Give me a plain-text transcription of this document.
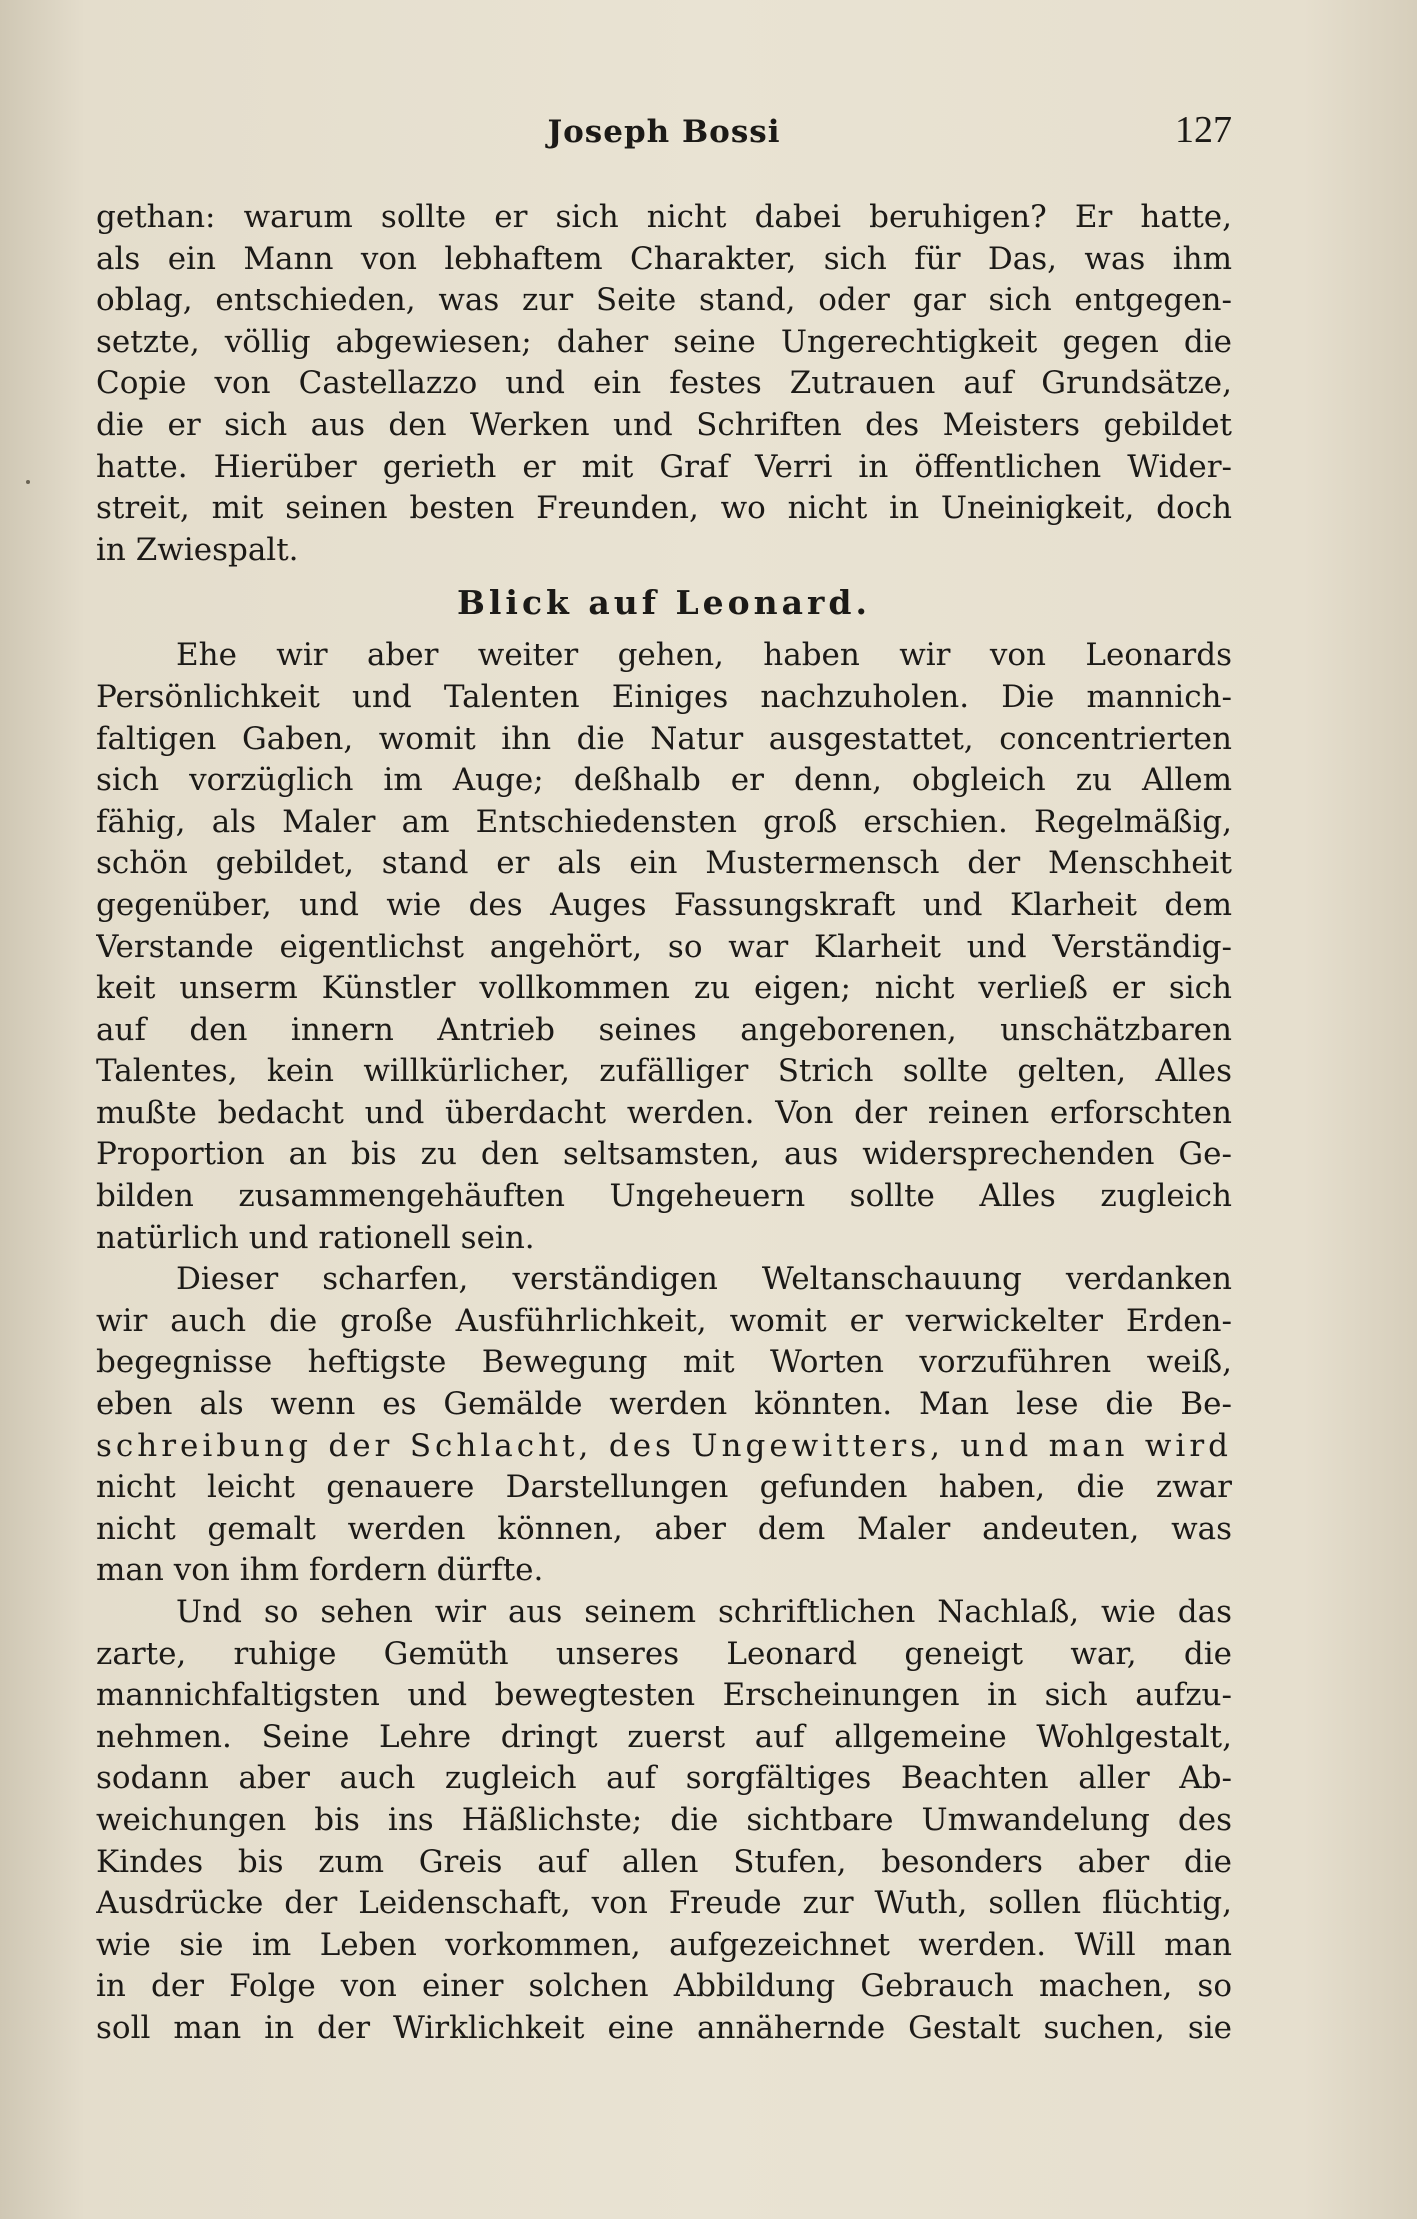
Joseph Bossi	127
gethan: warum sollte er sich nicht dabei beruhigen? Er hatte,
als ein Mann von lebhaftem Charakter, sich für Das, was ihm
oblag, entschieden, was zur Seite stand, oder gar sich entgegen-
setzte, völlig abgewiesen; daher seine Ungerechtigkeit gegen die
Copie von Castellazzo und ein festes Zutrauen auf Grundsätze,
die er sich aus den Werken und Schriften des Meisters gebildet
hatte. Hierüber gerieth er mit Graf Verri in öffentlichen Wider-
streit, mit seinen besten Freunden, wo nicht in Uneinigkeit, doch
in Zwiespalt.
Blick auf Leonard.
Ehe wir aber weiter gehen, haben wir von Leonards
Persönlichkeit und Talenten Einiges nachzuholen. Die mannich-
faltigen Gaben, womit ihn die Natur ausgestattet, concentrierten
sich vorzüglich im Auge; deßhalb er denn, obgleich zu Allem
fähig, als Maler am Entschiedensten groß erschien. Regelmäßig,
schön gebildet, stand er als ein Mustermensch der Menschheit
gegenüber, und wie des Auges Fassungskraft und Klarheit dem
Verstande eigentlichst angehört, so war Klarheit und Verständig-
keit unserm Künstler vollkommen zu eigen; nicht verließ er sich
auf den innern Antrieb seines angeborenen, unschätzbaren
Talentes, kein willkürlicher, zufälliger Strich sollte gelten, Alles
mußte bedacht und überdacht werden. Von der reinen erforschten
Proportion an bis zu den seltsamsten, aus widersprechenden Ge-
bilden zusammengehäuften Ungeheuern sollte Alles zugleich
natürlich und rationell sein.
Dieser scharfen, verständigen Weltanschauung verdanken
wir auch die große Ausführlichkeit, womit er verwickelter Erden-
begegnisse heftigste Bewegung mit Worten vorzuführen weiß,
eben als wenn es Gemälde werden könnten. Man lese die Be-
schreibung der Schlacht, des Ungewitters, und man wird
nicht leicht genauere Darstellungen gefunden haben, die zwar
nicht gemalt werden können, aber dem Maler andeuten, was
man von ihm fordern dürfte.
Und so sehen wir aus seinem schriftlichen Nachlaß, wie das
zarte, ruhige Gemüth unseres Leonard geneigt war, die
mannichfaltigsten und bewegtesten Erscheinungen in sich aufzu-
nehmen. Seine Lehre dringt zuerst auf allgemeine Wohlgestalt,
sodann aber auch zugleich auf sorgfältiges Beachten aller Ab-
weichungen bis ins Häßlichste; die sichtbare Umwandelung des
Kindes bis zum Greis auf allen Stufen, besonders aber die
Ausdrücke der Leidenschaft, von Freude zur Wuth, sollen flüchtig,
wie sie im Leben vorkommen, aufgezeichnet werden. Will man
in der Folge von einer solchen Abbildung Gebrauch machen, so
soll man in der Wirklichkeit eine annähernde Gestalt suchen, sie
